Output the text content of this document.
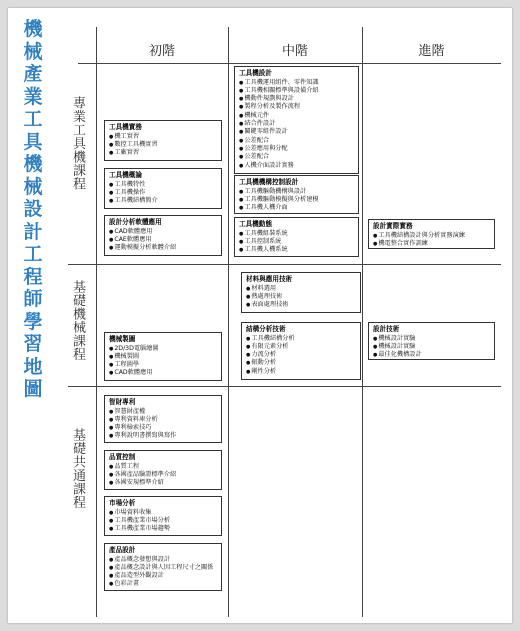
機
械
產
業
工
具
機
械
設
計
工
程
師
學
習
地
圖
初階	中階	進階
專業工具機課程
基礎機械課程
基礎共通課程
工具機實務
● 機工實習
● 數控工具機實習
● 工廠實習
工具機概論
● 工具機特性
● 工具機操作
● 工具機結構簡介
設計分析軟體應用
● CAD軟體應用
● CAE軟體應用
● 運動模擬分析軟體介紹
工具機設計
● 工具機運用組件、零件知識
● 工具機相關標準與設備介紹
● 機動件規劃與設計
● 製程分析及製作流程
● 機械元件
● 結合件設計
● 關鍵零組件設計
● 公差配合
● 公差應用與分配
● 公差配合
● 人機介面設計實務
工具機機構控制設計
● 工具機驅動機構與設計
● 工具機驅動模擬與分析建模
● 工具機人機介面
工具機動態
● 工具機組裝系統
● 工具控制系統
● 工具機人機系統
設計實際實務
● 工具機結構設計與分析實務演練
● 機電整合實作訓練
機械製圖
● 2D/3D電腦繪圖
● 機械製圖
● 工程圖學
● CAD軟體應用
材料與應用技術
● 材料選用
● 熱處理技術
● 表面處理技術
結構分析技術
● 工具機結構分析
● 有限元素分析
● 力流分析
● 振動分析
● 剛性分析
設計技術
● 機械設計實驗
● 機械設計實驗
● 最佳化機構設計
智財專利
● 智慧財產權
● 專利資料庫分析
● 專利檢索技巧
● 專利說明書撰寫與寫作
品質控制
● 品質工程
● 各國產品驗證標準介紹
● 各國安規標準介紹
市場分析
● 市場資料收集
● 工具機產業市場分析
● 工具機產業市場趨勢
產品設計
● 產品概念發想與設計
● 產品概念設計與人因工程尺寸之關係
● 產品造型外觀設計
● 色彩計畫
